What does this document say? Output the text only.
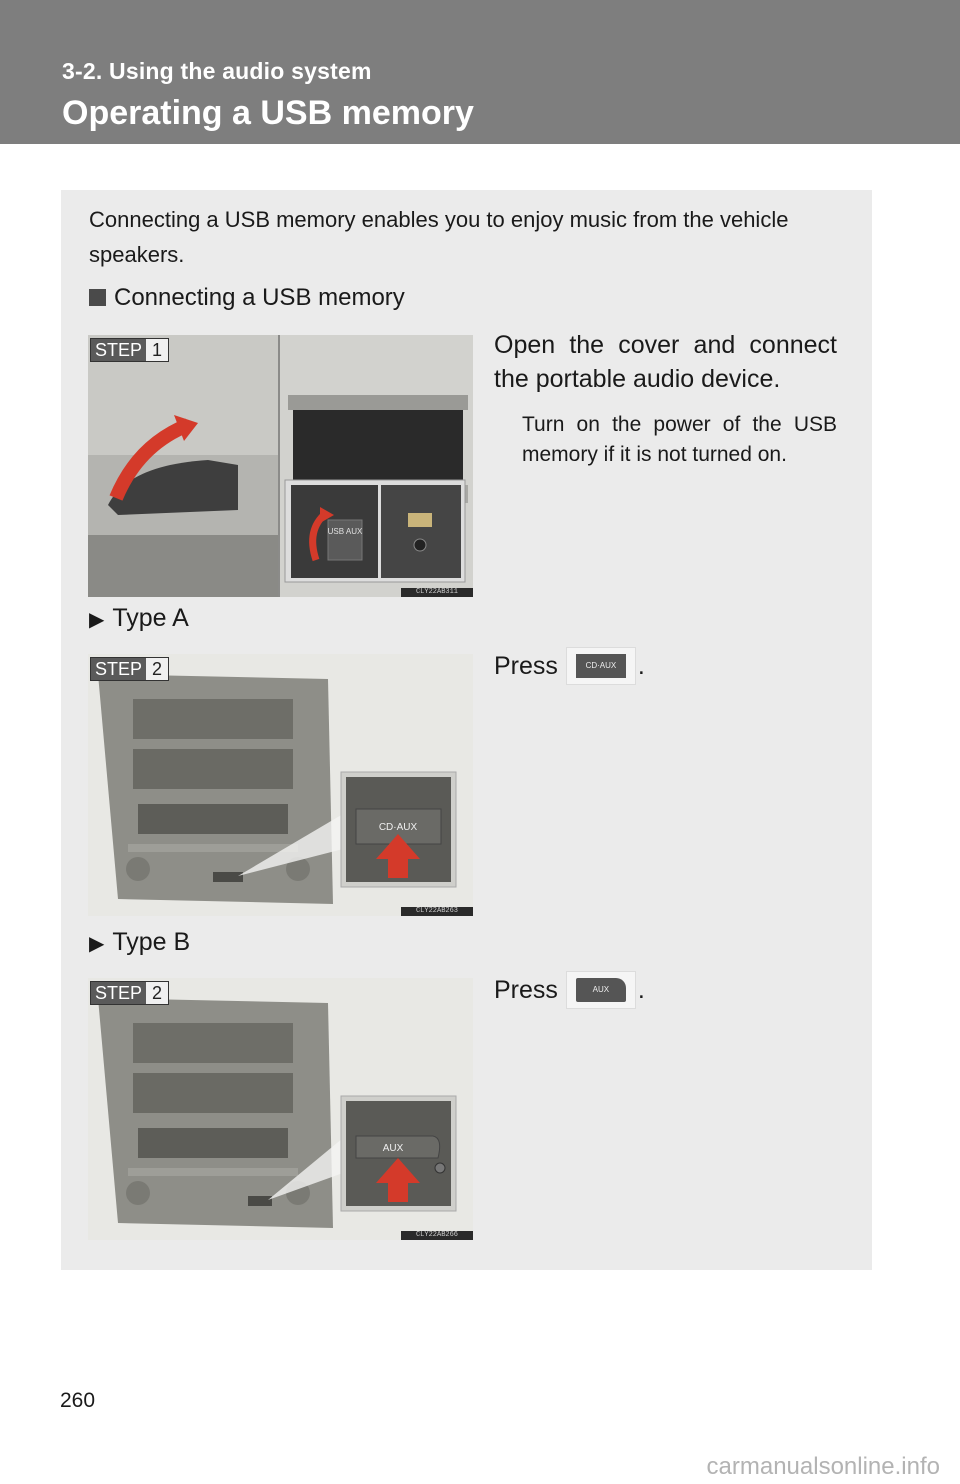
3-2. Using the audio system
Operating a USB memory
Connecting a USB memory enables you to enjoy music from the vehicle speakers.
Connecting a USB memory
STEP 1
USB AUX
CLY22AB311
Open the cover and connect the portable audio device.
Turn on the power of the USB memory if it is not turned on.
▶ Type A
STEP 2
CD·AUX
CLY22AB263
Press	CD·AUX .
▶ Type B
STEP 2
AUX
CLY22AB266
Press	AUX	.
260
carmanualsonline.info
